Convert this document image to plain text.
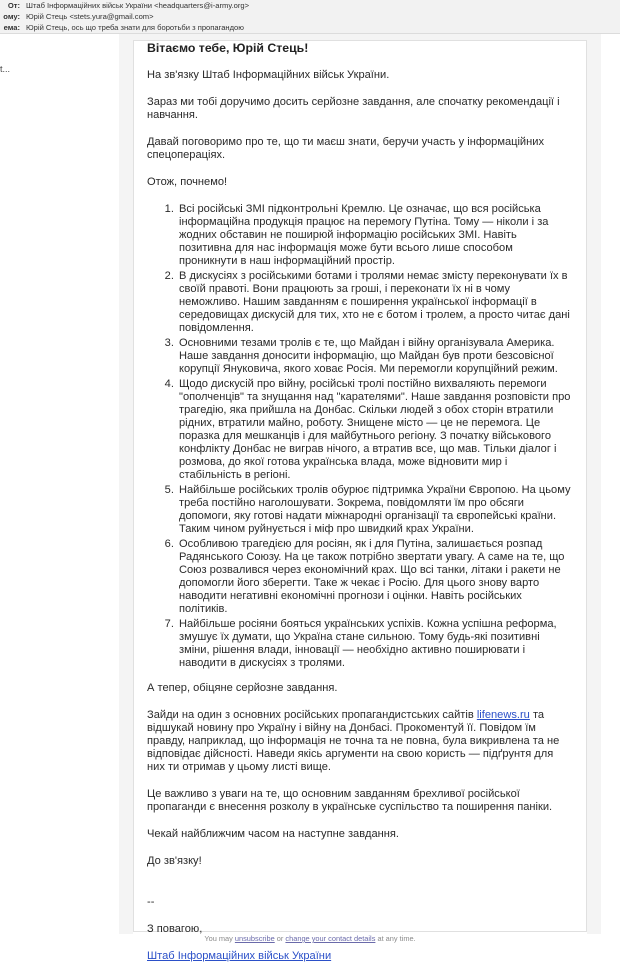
От: Штаб Інформаційних військ України <headquarters@i-army.org>
ому: Юрій Стець <stets.yura@gmail.com>
ема: Юрій Стець, ось що треба знати для боротьби з пропагандою
t...

Вітаємо тебе, Юрій Стець!

На зв'язку Штаб Інформаційних військ України.

Зараз ми тобі доручимо досить серйозне завдання, але спочатку рекомендації і навчання.

Давай поговоримо про те, що ти маєш знати, беручи участь у інформаційних спецопераціях.

Отож, почнемо!

1. Всі російські ЗМІ підконтрольні Кремлю. Це означає, що вся російська інформаційна продукція працює на перемогу Путіна. Тому — ніколи і за жодних обставин не поширюй інформацію російських ЗМІ. Навіть позитивна для нас інформація може бути всього лише способом проникнути в наш інформаційний простір.
2. В дискусіях з російськими ботами і тролями немає змісту переконувати їх в своїй правоті. Вони працюють за гроші, і переконати їх ні в чому неможливо. Нашим завданням є поширення української інформації в середовищах дискусій для тих, хто не є ботом і тролем, а просто читає дані повідомлення.
3. Основними тезами тролів є те, що Майдан і війну організувала Америка. Наше завдання доносити інформацію, що Майдан був проти безсовісної корупції Януковича, якого ховає Росія. Ми перемогли корупційний режим.
4. Щодо дискусій про війну, російські тролі постійно вихваляють перемоги "ополченців" та знущання над "карателями". Наше завдання розповісти про трагедію, яка прийшла на Донбас. Скільки людей з обох сторін втратили рідних, втратили майно, роботу. Знищене місто — це не перемога. Це поразка для мешканців і для майбутнього регіону. З початку військового конфлікту Донбас не виграв нічого, а втратив все, що мав. Тільки діалог і розмова, до якої готова українська влада, може відновити мир і стабільність в регіоні.
5. Найбільше російських тролів обурює підтримка України Європою. На цьому треба постійно наголошувати. Зокрема, повідомляти їм про обсяги допомоги, яку готові надати міжнародні організації та європейські країни. Таким чином руйнується і міф про швидкий крах України.
6. Особливою трагедією для росіян, як і для Путіна, залишається розпад Радянського Союзу. На це також потрібно звертати увагу. А саме на те, що Союз розвалився через економічний крах. Що всі танки, літаки і ракети не допомогли його зберегти. Таке ж чекає і Росію. Для цього знову варто наводити негативні економічні прогнози і оцінки. Навіть російських політиків.
7. Найбільше росіяни бояться українських успіхів. Кожна успішна реформа, змушує їх думати, що Україна стане сильною. Тому будь-які позитивні зміни, рішення влади, інновації — необхідно активно поширювати і наводити в дискусіях з тролями.

А тепер, обіцяне серйозне завдання.

Зайди на один з основних російських пропагандистських сайтів lifenews.ru та відшукай новину про Україну і війну на Донбасі. Прокоментуй її. Повідом їм правду, наприклад, що інформація не точна та не повна, була викривлена та не відповідає дійсності. Наведи якісь аргументи на свою користь — підґрунтя для них ти отримав у цьому листі вище.

Це важливо з уваги на те, що основним завданням брехливої російської пропаганди є внесення розколу в українське суспільство та поширення паніки.

Чекай найближчим часом на наступне завдання.

До зв'язку!

--

З повагою,

Штаб Інформаційних військ України

You may unsubscribe or change your contact details at any time.
